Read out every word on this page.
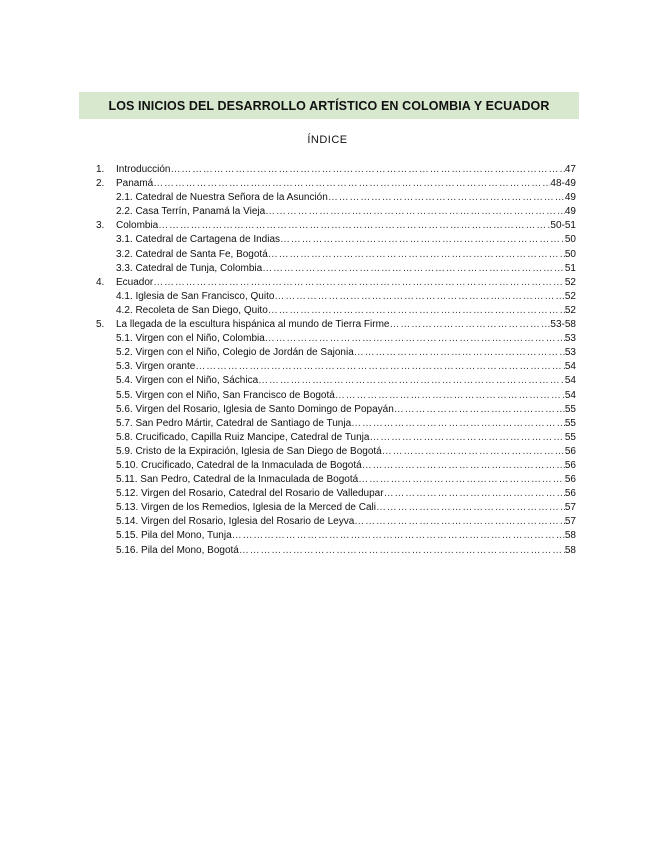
LOS INICIOS DEL DESARROLLO ARTÍSTICO EN COLOMBIA Y ECUADOR
ÍNDICE
1.	Introducción ……………………………………………………………………………………………………………………………………………………………………………	47
2.	Panamá ……………………………………………………………………………………………………………………………………………………………………………	48-49
2.1. Catedral de Nuestra Señora de la Asunción ……………………………………………………………………………………………………………………………………………………………………………	49
2.2. Casa Terrín, Panamá la Vieja ……………………………………………………………………………………………………………………………………………………………………………	49
3.	Colombia ……………………………………………………………………………………………………………………………………………………………………………	50-51
3.1. Catedral de Cartagena de Indias ……………………………………………………………………………………………………………………………………………………………………………	50
3.2. Catedral de Santa Fe, Bogotá ……………………………………………………………………………………………………………………………………………………………………………	50
3.3. Catedral de Tunja, Colombia ……………………………………………………………………………………………………………………………………………………………………………	51
4.	Ecuador ……………………………………………………………………………………………………………………………………………………………………………	52
4.1. Iglesia de San Francisco, Quito ……………………………………………………………………………………………………………………………………………………………………………	52
4.2. Recoleta de San Diego, Quito ……………………………………………………………………………………………………………………………………………………………………………	52
5.	La llegada de la escultura hispánica al mundo de Tierra Firme ……………………………………………………………………………………………………………………………………………………………………………	53-58
5.1. Virgen con el Niño, Colombia ……………………………………………………………………………………………………………………………………………………………………………	53
5.2. Virgen con el Niño, Colegio de Jordán de Sajonia ……………………………………………………………………………………………………………………………………………………………………………	53
5.3. Virgen orante ……………………………………………………………………………………………………………………………………………………………………………	54
5.4. Virgen con el Niño, Sáchica ……………………………………………………………………………………………………………………………………………………………………………	54
5.5. Virgen con el Niño, San Francisco de Bogotá ……………………………………………………………………………………………………………………………………………………………………………	54
5.6. Virgen del Rosario, Iglesia de Santo Domingo de Popayán ……………………………………………………………………………………………………………………………………………………………………………	55
5.7. San Pedro Mártir, Catedral de Santiago de Tunja ……………………………………………………………………………………………………………………………………………………………………………	55
5.8. Crucificado, Capilla Ruiz Mancipe, Catedral de Tunja ……………………………………………………………………………………………………………………………………………………………………………	55
5.9. Cristo de la Expiración, Iglesia de San Diego de Bogotá ……………………………………………………………………………………………………………………………………………………………………………	56
5.10. Crucificado, Catedral de la Inmaculada de Bogotá ……………………………………………………………………………………………………………………………………………………………………………	56
5.11. San Pedro, Catedral de la Inmaculada de Bogotá ……………………………………………………………………………………………………………………………………………………………………………	56
5.12. Virgen del Rosario, Catedral del Rosario de Valledupar ……………………………………………………………………………………………………………………………………………………………………………	56
5.13. Virgen de los Remedios, Iglesia de la Merced de Cali ……………………………………………………………………………………………………………………………………………………………………………	57
5.14. Virgen del Rosario, Iglesia del Rosario de Leyva ……………………………………………………………………………………………………………………………………………………………………………	57
5.15. Pila del Mono, Tunja ……………………………………………………………………………………………………………………………………………………………………………	58
5.16. Pila del Mono, Bogotá ……………………………………………………………………………………………………………………………………………………………………………	58
